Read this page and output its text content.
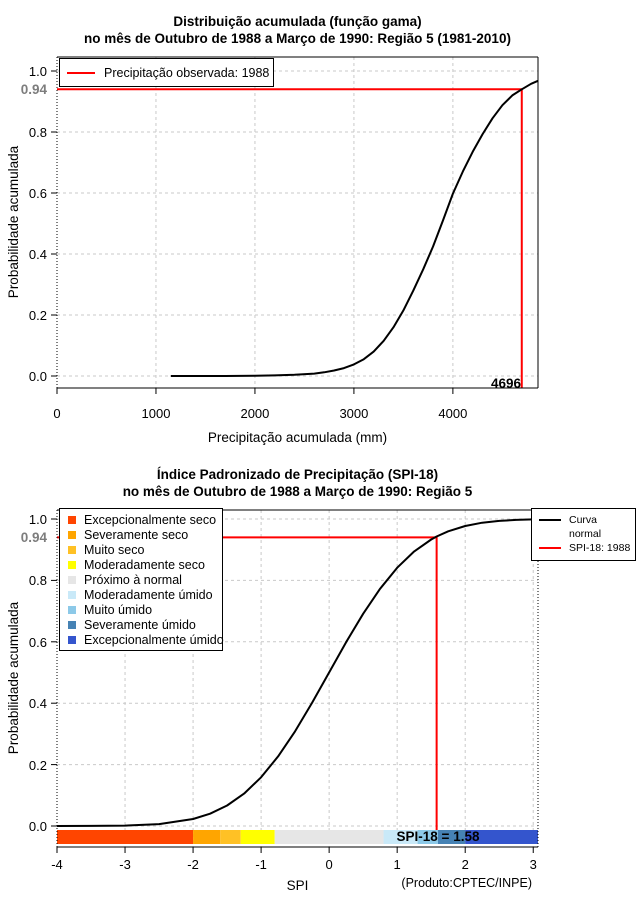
Distribuição acumulada (função gama)
no mês de Outubro de 1988 a Março de 1990: Região 5 (1981-2010)
Probabilidade acumulada
Precipitação acumulada (mm)
0.94
4696
Precipitação observada: 1988
Índice Padronizado de Precipitação (SPI-18)
no mês de Outubro de 1988 a Março de 1990: Região 5
Probabilidade acumulada
SPI
0.94
SPI-18 = 1.58
(Produto:CPTEC/INPE)
Excepcionalmente seco
Severamente seco
Muito seco
Moderadamente seco
Próximo à normal
Moderadamente úmido
Muito úmido
Severamente úmido
Excepcionalmente úmido
Curva
normal
SPI-18: 1988
0	1000	2000	3000	4000
0.0
0.2
0.4
0.6
0.8
1.0
-4	-3	-2	-1	0	1	2	3
0.0
0.2
0.4
0.6
0.8
1.0
